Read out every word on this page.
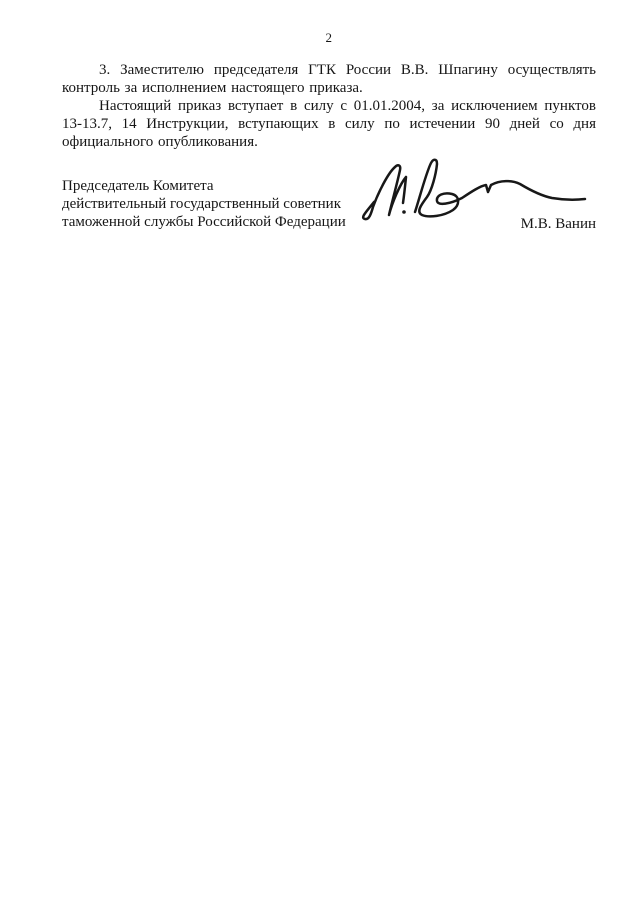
2

3. Заместителю председателя ГТК России В.В. Шпагину осуществлять контроль за исполнением настоящего приказа.

Настоящий приказ вступает в силу с 01.01.2004, за исключением пунктов 13-13.7, 14 Инструкции, вступающих в силу по истечении 90 дней со дня официального опубликования.

Председатель Комитета
действительный государственный советник
таможенной службы Российской Федерации	М.В. Ванин
